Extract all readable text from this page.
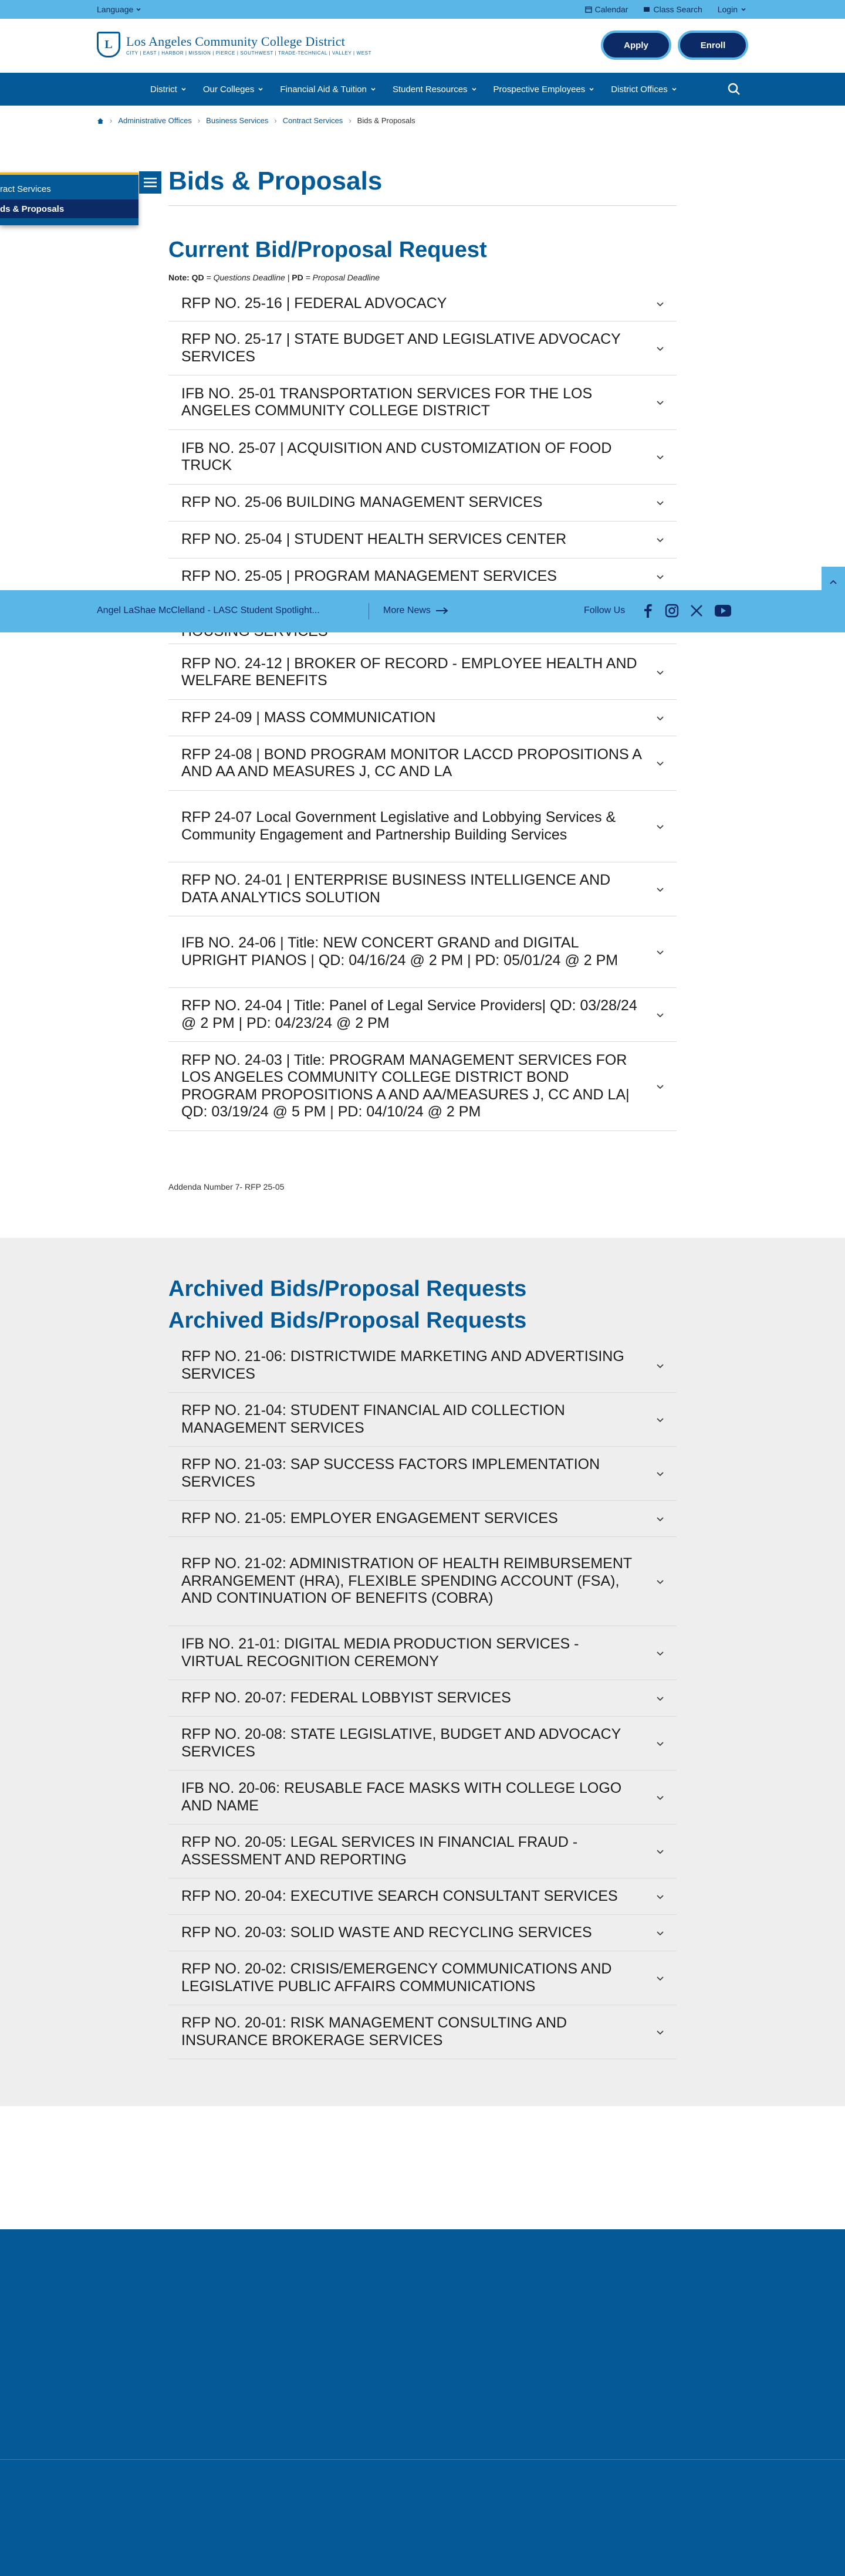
Language	Calendar	Class Search Login
L	Los Angeles Community College District
CITY | EAST | HARBOR | MISSION | PIERCE | SOUTHWEST | TRADE-TECHNICAL | VALLEY | WEST
Apply	Enroll
District	Our Colleges	Financial Aid & Tuition	Student Resources	Prospective Employees	District Offices
› Administrative Offices › Business Services › Contract Services › Bids & Proposals
ract Services
ds & Proposals
Bids & Proposals
Current Bid/Proposal Request

Note: QD = Questions Deadline | PD = Proposal Deadline

RFP NO. 25-16 | FEDERAL ADVOCACY
RFP NO. 25-17 | STATE BUDGET AND LEGISLATIVE ADVOCACY SERVICES
IFB NO. 25-01 TRANSPORTATION SERVICES FOR THE LOS ANGELES COMMUNITY COLLEGE DISTRICT
IFB NO. 25-07 | ACQUISITION AND CUSTOMIZATION OF FOOD TRUCK
RFP NO. 25-06 BUILDING MANAGEMENT SERVICES
RFP NO. 25-04 | STUDENT HEALTH SERVICES CENTER
RFP NO. 25-05 | PROGRAM MANAGEMENT SERVICES
RFP NO. 24-12 | BROKER OF RECORD - EMPLOYEE HEALTH AND WELFARE BENEFITS
RFP 24-09 | MASS COMMUNICATION
RFP 24-08 | BOND PROGRAM MONITOR LACCD PROPOSITIONS A AND AA AND MEASURES J, CC AND LA
RFP 24-07 Local Government Legislative and Lobbying Services & Community Engagement and Partnership Building Services
RFP NO. 24-01 | ENTERPRISE BUSINESS INTELLIGENCE AND DATA ANALYTICS SOLUTION
IFB NO. 24-06 | Title: NEW CONCERT GRAND and DIGITAL UPRIGHT PIANOS | QD: 04/16/24 @ 2 PM | PD: 05/01/24 @ 2 PM
RFP NO. 24-04 | Title: Panel of Legal Service Providers| QD: 03/28/24 @ 2 PM | PD: 04/23/24 @ 2 PM
RFP NO. 24-03 | Title: PROGRAM MANAGEMENT SERVICES FOR LOS ANGELES COMMUNITY COLLEGE DISTRICT BOND PROGRAM PROPOSITIONS A AND AA/MEASURES J, CC AND LA| QD: 03/19/24 @ 5 PM | PD: 04/10/24 @ 2 PM

Addenda Number 7- RFP 25-05

Archived Bids/Proposal Requests
Archived Bids/Proposal Requests
RFP NO. 21-06: DISTRICTWIDE MARKETING AND ADVERTISING SERVICES
RFP NO. 21-04: STUDENT FINANCIAL AID COLLECTION MANAGEMENT SERVICES
RFP NO. 21-03: SAP SUCCESS FACTORS IMPLEMENTATION SERVICES
RFP NO. 21-05: EMPLOYER ENGAGEMENT SERVICES
RFP NO. 21-02: ADMINISTRATION OF HEALTH REIMBURSEMENT ARRANGEMENT (HRA), FLEXIBLE SPENDING ACCOUNT (FSA), AND CONTINUATION OF BENEFITS (COBRA)
IFB NO. 21-01: DIGITAL MEDIA PRODUCTION SERVICES - VIRTUAL RECOGNITION CEREMONY
RFP NO. 20-07: FEDERAL LOBBYIST SERVICES
RFP NO. 20-08: STATE LEGISLATIVE, BUDGET AND ADVOCACY SERVICES
IFB NO. 20-06: REUSABLE FACE MASKS WITH COLLEGE LOGO AND NAME
RFP NO. 20-05: LEGAL SERVICES IN FINANCIAL FRAUD - ASSESSMENT AND REPORTING
RFP NO. 20-04: EXECUTIVE SEARCH CONSULTANT SERVICES
RFP NO. 20-03: SOLID WASTE AND RECYCLING SERVICES
RFP NO. 20-02: CRISIS/EMERGENCY COMMUNICATIONS AND LEGISLATIVE PUBLIC AFFAIRS COMMUNICATIONS
RFP NO. 20-01: RISK MANAGEMENT CONSULTING AND INSURANCE BROKERAGE SERVICES
Angel LaShae McClelland - LASC Student Spotlight...	More News	Follow Us
